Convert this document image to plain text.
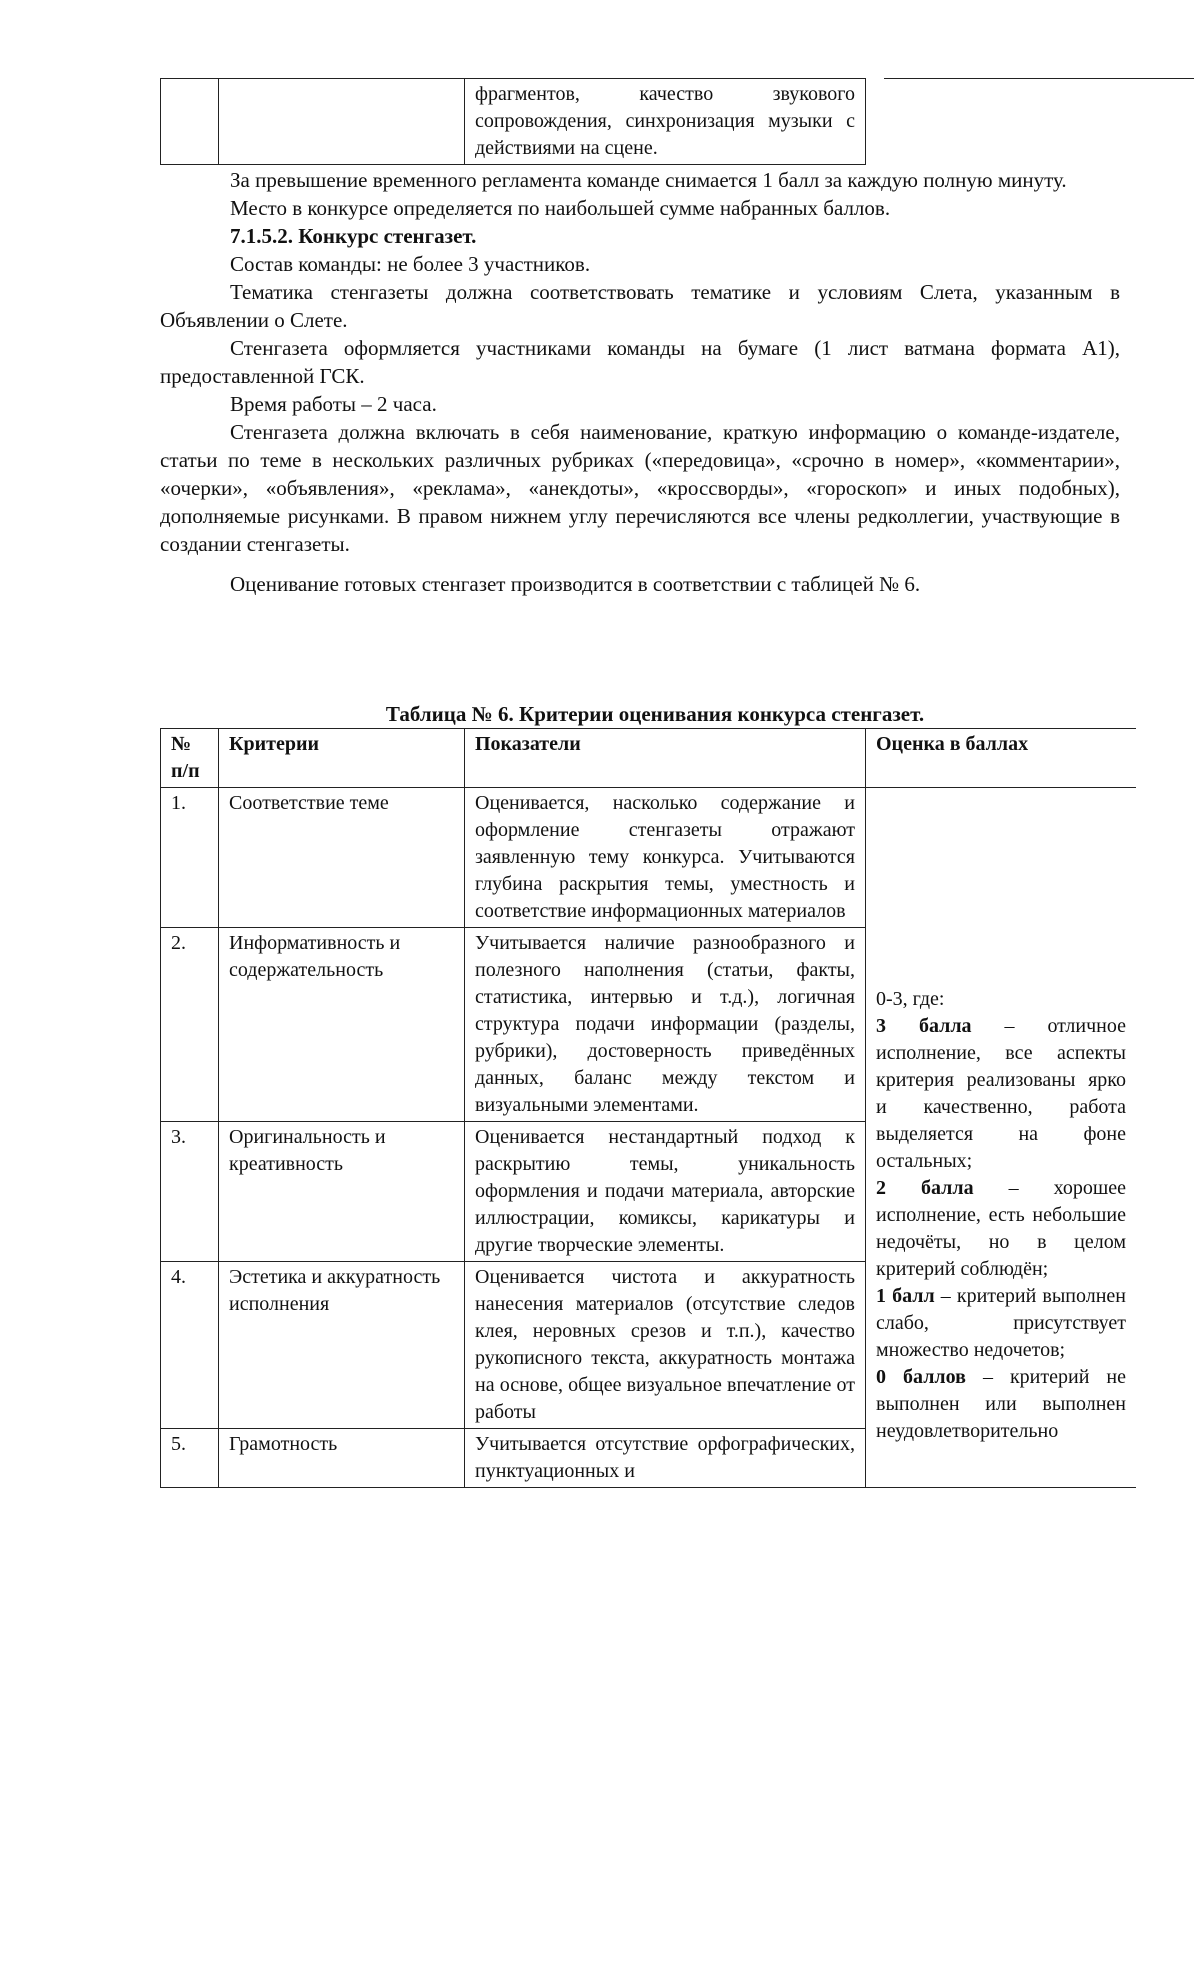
		фрагментов, качество звукового сопровождения, синхронизация музыки с действиями на сцене.

За превышение временного регламента команде снимается 1 балл за каждую полную минуту.

Место в конкурсе определяется по наибольшей сумме набранных баллов.

7.1.5.2. Конкурс стенгазет.

Состав команды: не более 3 участников.

Тематика стенгазеты должна соответствовать тематике и условиям Слета, указанным в Объявлении о Слете.

Стенгазета оформляется участниками команды на бумаге (1 лист ватмана формата А1), предоставленной ГСК.

Время работы – 2 часа.

Стенгазета должна включать в себя наименование, краткую информацию о команде-издателе, статьи по теме в нескольких различных рубриках («передовица», «срочно в номер», «комментарии», «очерки», «объявления», «реклама», «анекдоты», «кроссворды», «гороскоп» и иных подобных), дополняемые рисунками. В правом нижнем углу перечисляются все члены редколлегии, участвующие в создании стенгазеты.

Оценивание готовых стенгазет производится в соответствии с таблицей № 6.

Таблица № 6. Критерии оценивания конкурса стенгазет.
№ п/п	Критерии	Показатели	Оценка в баллах
1.	Соответствие теме	Оценивается, насколько содержание и оформление стенгазеты отражают заявленную тему конкурса. Учитываются глубина раскрытия темы, уместность и соответствие информационных материалов	0-3, где:

3 балла – отличное исполнение, все аспекты критерия реализованы ярко и качественно, работа выделяется на фоне остальных;

2 балла – хорошее исполнение, есть небольшие недочёты, но в целом критерий соблюдён;

1 балл – критерий выполнен слабо, присутствует множество недочетов;

0 баллов – критерий не выполнен или выполнен неудовлетворительно

2.	Информативность и содержательность	Учитывается наличие разнообразного и полезного наполнения (статьи, факты, статистика, интервью и т.д.), логичная структура подачи информации (разделы, рубрики), достоверность приведённых данных, баланс между текстом и визуальными элементами.	
3.	Оригинальность и креативность	Оценивается нестандартный подход к раскрытию темы, уникальность оформления и подачи материала, авторские иллюстрации, комиксы, карикатуры и другие творческие элементы.	
4.	Эстетика и аккуратность исполнения	Оценивается чистота и аккуратность нанесения материалов (отсутствие следов клея, неровных срезов и т.п.), качество рукописного текста, аккуратность монтажа на основе, общее визуальное впечатление от работы	
5.	Грамотность	Учитывается отсутствие орфографических, пунктуационных и	
